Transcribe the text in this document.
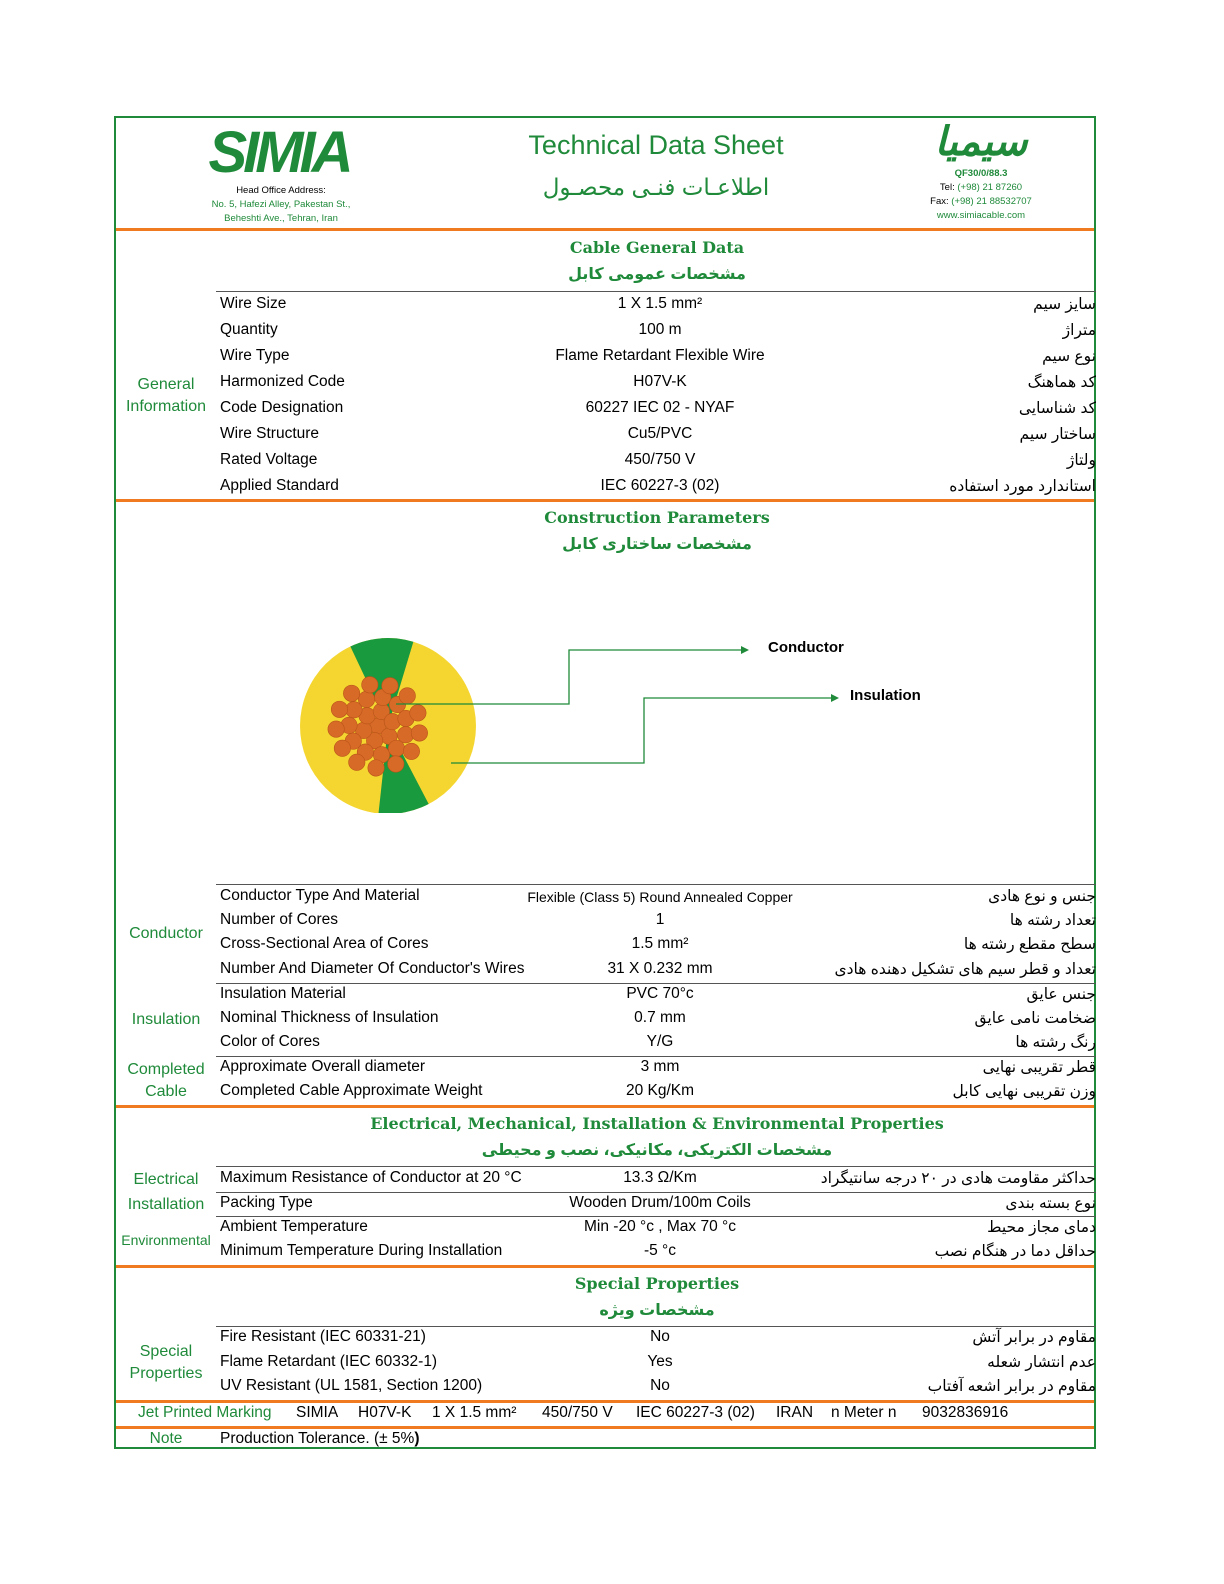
SIMIA
Head Office Address:
No. 5, Hafezi Alley, Pakestan St.,
Beheshti Ave., Tehran, Iran
Technical Data Sheet
اطلاعـات فنـی محصـول
سیمیا
QF30/0/88.3
Tel: (+98) 21 87260
Fax: (+98) 21 88532707
www.simiacable.com
Cable General Data
مشخصات عمومی کابل
General
Information
Wire Size	1 X 1.5 mm²	سایز سیم
Quantity	100 m	متراژ
Wire Type	Flame Retardant Flexible Wire	نوع سیم
Harmonized Code	H07V-K	کد هماهنگ
Code Designation	60227 IEC 02 - NYAF	کد شناسایی
Wire Structure	Cu5/PVC	ساختار سیم
Rated Voltage	450/750 V	ولتاژ
Applied Standard	IEC 60227-3 (02)	استاندارد مورد استفاده
Construction Parameters
مشخصات ساختاری کابل
Conductor
Insulation
Conductor
Conductor Type And Material	Flexible (Class 5) Round Annealed Copper	جنس و نوع هادی
Number of Cores	1	تعداد رشته ها
Cross-Sectional Area of Cores	1.5 mm²	سطح مقطع رشته ها
Number And Diameter Of Conductor's Wires	31 X 0.232 mm	تعداد و قطر سیم های تشکیل دهنده هادی
Insulation
Insulation Material	PVC 70°c	جنس عایق
Nominal Thickness of Insulation	0.7 mm	ضخامت نامی عایق
Color of Cores	Y/G	رنگ رشته ها
Completed
Cable
Approximate Overall diameter	3 mm	قطر تقریبی نهایی
Completed Cable Approximate Weight	20 Kg/Km	وزن تقریبی نهایی کابل
Electrical, Mechanical, Installation & Environmental Properties
مشخصات الکتریکی، مکانیکی، نصب و محیطی
Electrical
Installation
Environmental
Maximum Resistance of Conductor at 20 °C	13.3 Ω/Km	حداکثر مقاومت هادی در ۲۰ درجه سانتیگراد
Packing Type	Wooden Drum/100m Coils	نوع بسته بندی
Ambient Temperature	Min -20 °c , Max 70 °c	دمای مجاز محیط
Minimum Temperature During Installation	-5 °c	حداقل دما در هنگام نصب
Special Properties
مشخصات ویژه
Special
Properties
Fire Resistant (IEC 60331-21)	No	مقاوم در برابر آتش
Flame Retardant (IEC 60332-1)	Yes	عدم انتشار شعله
UV Resistant (UL 1581, Section 1200)	No	مقاوم در برابر اشعه آفتاب
Jet Printed Marking SIMIA H07V-K 1 X 1.5 mm² 450/750 V IEC 60227-3 (02) IRAN n Meter n 9032836916
Note	Production Tolerance. (± 5%)
